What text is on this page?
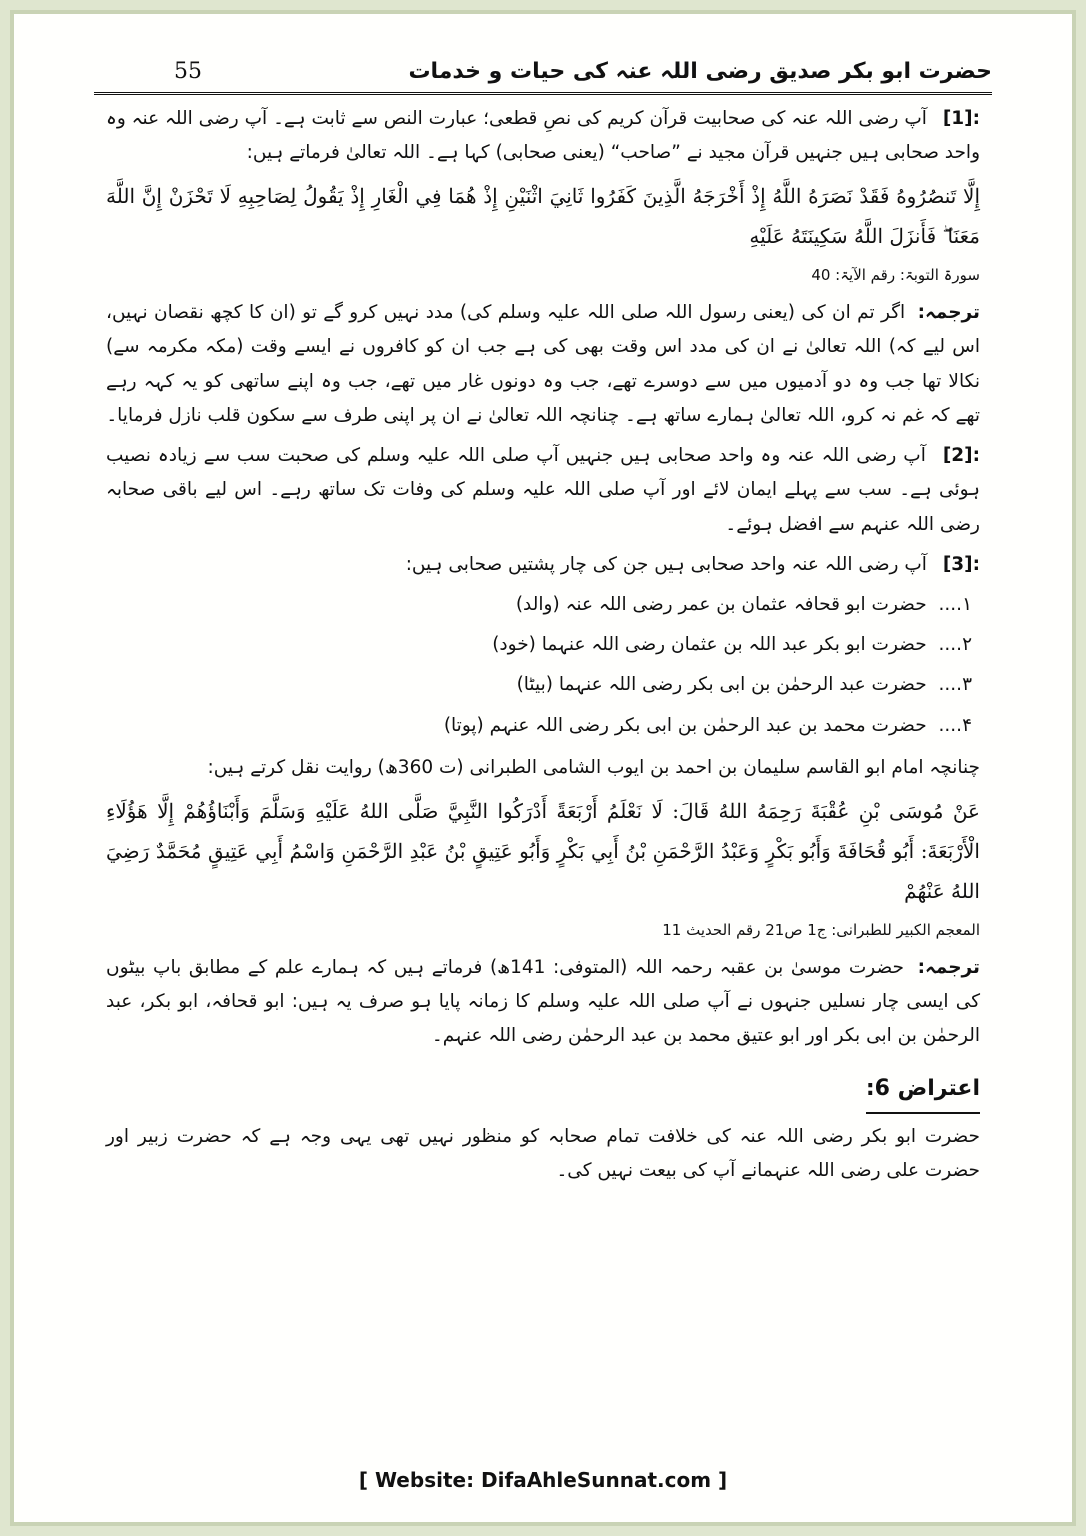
55	حضرت ابو بکر صدیق رضی اللہ عنہ کی حیات و خدمات

[1]: آپ رضی اللہ عنہ کی صحابیت قرآن کریم کی نصِ قطعی؛ عبارت النص سے ثابت ہے۔ آپ رضی اللہ عنہ وہ واحد صحابی ہیں جنہیں قرآن مجید نے ”صاحب“ (یعنی صحابی) کہا ہے۔ اللہ تعالیٰ فرماتے ہیں:

إِلَّا تَنصُرُوهُ فَقَدْ نَصَرَهُ اللَّهُ إِذْ أَخْرَجَهُ الَّذِينَ كَفَرُوا ثَانِيَ اثْنَيْنِ إِذْ هُمَا فِي الْغَارِ إِذْ يَقُولُ لِصَاحِبِهِ لَا تَحْزَنْ إِنَّ اللَّهَ مَعَنَا ۖ فَأَنزَلَ اللَّهُ سَكِينَتَهُ عَلَيْهِ

سورۃ التوبۃ: رقم الآیۃ: 40

ترجمہ: اگر تم ان کی (یعنی رسول اللہ صلی اللہ علیہ وسلم کی) مدد نہیں کرو گے تو (ان کا کچھ نقصان نہیں، اس لیے کہ) اللہ تعالیٰ نے ان کی مدد اس وقت بھی کی ہے جب ان کو کافروں نے ایسے وقت (مکہ مکرمہ سے) نکالا تھا جب وہ دو آدمیوں میں سے دوسرے تھے، جب وہ دونوں غار میں تھے، جب وہ اپنے ساتھی کو یہ کہہ رہے تھے کہ غم نہ کرو، اللہ تعالیٰ ہمارے ساتھ ہے۔ چنانچہ اللہ تعالیٰ نے ان پر اپنی طرف سے سکون قلب نازل فرمایا۔

[2]: آپ رضی اللہ عنہ وہ واحد صحابی ہیں جنہیں آپ صلی اللہ علیہ وسلم کی صحبت سب سے زیادہ نصیب ہوئی ہے۔ سب سے پہلے ایمان لائے اور آپ صلی اللہ علیہ وسلم کی وفات تک ساتھ رہے۔ اس لیے باقی صحابہ رضی اللہ عنہم سے افضل ہوئے۔

[3]: آپ رضی اللہ عنہ واحد صحابی ہیں جن کی چار پشتیں صحابی ہیں:

۱.... حضرت ابو قحافہ عثمان بن عمر رضی اللہ عنہ (والد)
۲.... حضرت ابو بکر عبد اللہ بن عثمان رضی اللہ عنہما (خود)
۳.... حضرت عبد الرحمٰن بن ابی بکر رضی اللہ عنہما (بیٹا)
۴.... حضرت محمد بن عبد الرحمٰن بن ابی بکر رضی اللہ عنہم (پوتا)

چنانچہ امام ابو القاسم سلیمان بن احمد بن ایوب الشامی الطبرانی (ت 360ھ) روایت نقل کرتے ہیں:

عَنْ مُوسَى بْنِ عُقْبَةَ رَحِمَهُ اللهُ قَالَ: لَا نَعْلَمُ أَرْبَعَةً أَدْرَكُوا النَّبِيَّ صَلَّى اللهُ عَلَيْهِ وَسَلَّمَ وَأَبْنَاؤُهُمْ إِلَّا هَؤُلَاءِ الْأَرْبَعَةَ: أَبُو قُحَافَةَ وَأَبُو بَكْرٍ وَعَبْدُ الرَّحْمَنِ بْنُ أَبِي بَكْرٍ وَأَبُو عَتِيقٍ بْنُ عَبْدِ الرَّحْمَنِ وَاسْمُ أَبِي عَتِيقٍ مُحَمَّدٌ رَضِيَ اللهُ عَنْهُمْ

المعجم الکبیر للطبرانی: ج1 ص21 رقم الحدیث 11

ترجمہ: حضرت موسیٰ بن عقبہ رحمہ اللہ (المتوفی: 141ھ) فرماتے ہیں کہ ہمارے علم کے مطابق باپ بیٹوں کی ایسی چار نسلیں جنہوں نے آپ صلی اللہ علیہ وسلم کا زمانہ پایا ہو صرف یہ ہیں: ابو قحافہ، ابو بکر، عبد الرحمٰن بن ابی بکر اور ابو عتیق محمد بن عبد الرحمٰن رضی اللہ عنہم۔

اعتراض 6:

حضرت ابو بکر رضی اللہ عنہ کی خلافت تمام صحابہ کو منظور نہیں تھی یہی وجہ ہے کہ حضرت زبیر اور حضرت علی رضی اللہ عنہمانے آپ کی بیعت نہیں کی۔

[ Website: DifaAhleSunnat.com ]
